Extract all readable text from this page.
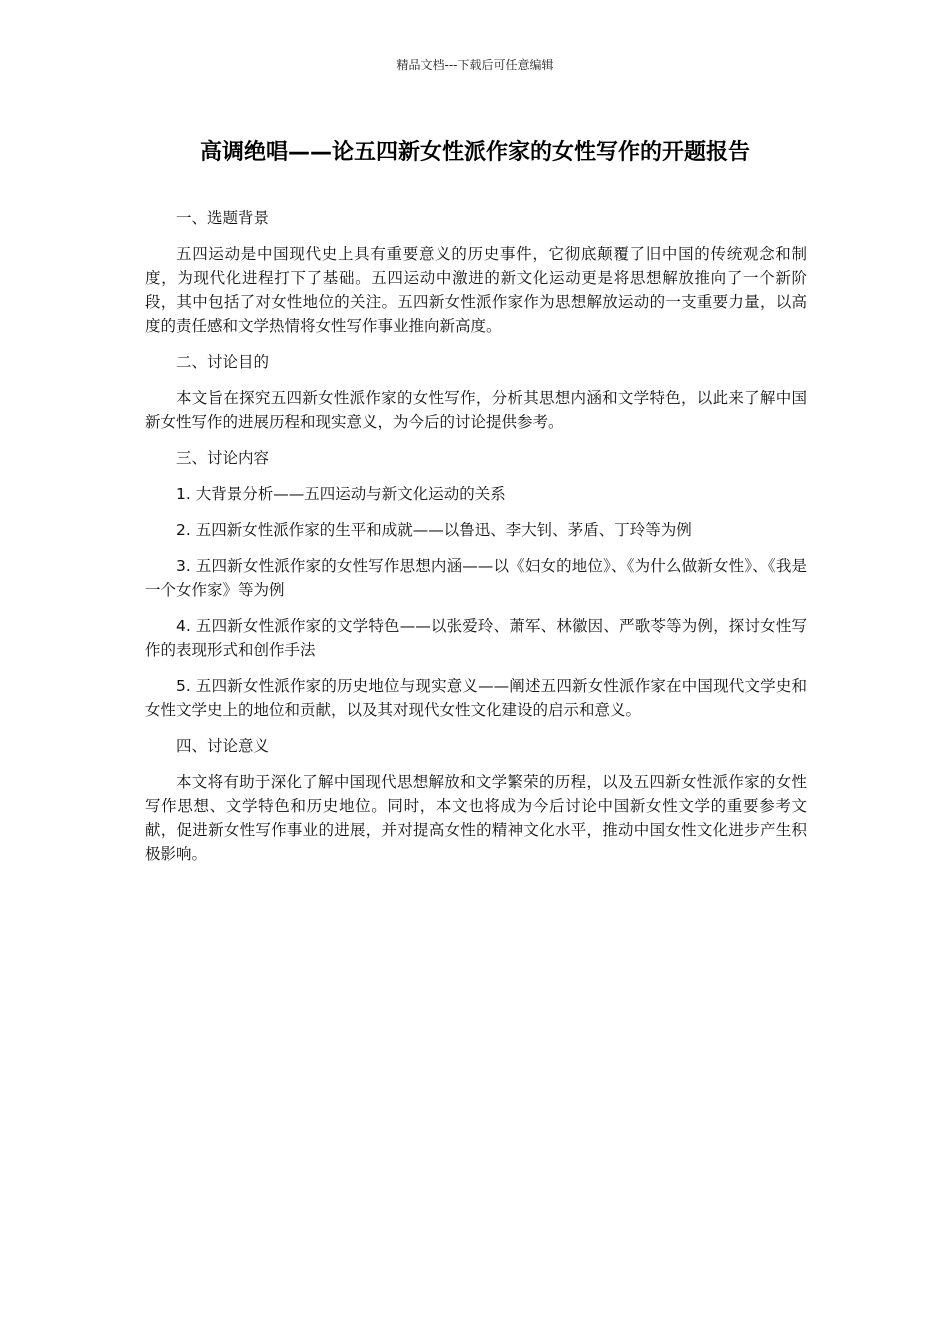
精品文档---下载后可任意编辑
高调绝唱——论五四新女性派作家的女性写作的开题报告

一、选题背景

五四运动是中国现代史上具有重要意义的历史事件，它彻底颠覆了旧中国的传统观念和制度，为现代化进程打下了基础。五四运动中激进的新文化运动更是将思想解放推向了一个新阶段，其中包括了对女性地位的关注。五四新女性派作家作为思想解放运动的一支重要力量，以高度的责任感和文学热情将女性写作事业推向新高度。

二、讨论目的

本文旨在探究五四新女性派作家的女性写作，分析其思想内涵和文学特色，以此来了解中国新女性写作的进展历程和现实意义，为今后的讨论提供参考。

三、讨论内容

1. 大背景分析——五四运动与新文化运动的关系

2. 五四新女性派作家的生平和成就——以鲁迅、李大钊、茅盾、丁玲等为例

3. 五四新女性派作家的女性写作思想内涵——以《妇女的地位》、《为什么做新女性》、《我是一个女作家》等为例

4. 五四新女性派作家的文学特色——以张爱玲、萧军、林徽因、严歌苓等为例，探讨女性写作的表现形式和创作手法

5. 五四新女性派作家的历史地位与现实意义——阐述五四新女性派作家在中国现代文学史和女性文学史上的地位和贡献，以及其对现代女性文化建设的启示和意义。

四、讨论意义

本文将有助于深化了解中国现代思想解放和文学繁荣的历程，以及五四新女性派作家的女性写作思想、文学特色和历史地位。同时，本文也将成为今后讨论中国新女性文学的重要参考文献，促进新女性写作事业的进展，并对提高女性的精神文化水平，推动中国女性文化进步产生积极影响。
